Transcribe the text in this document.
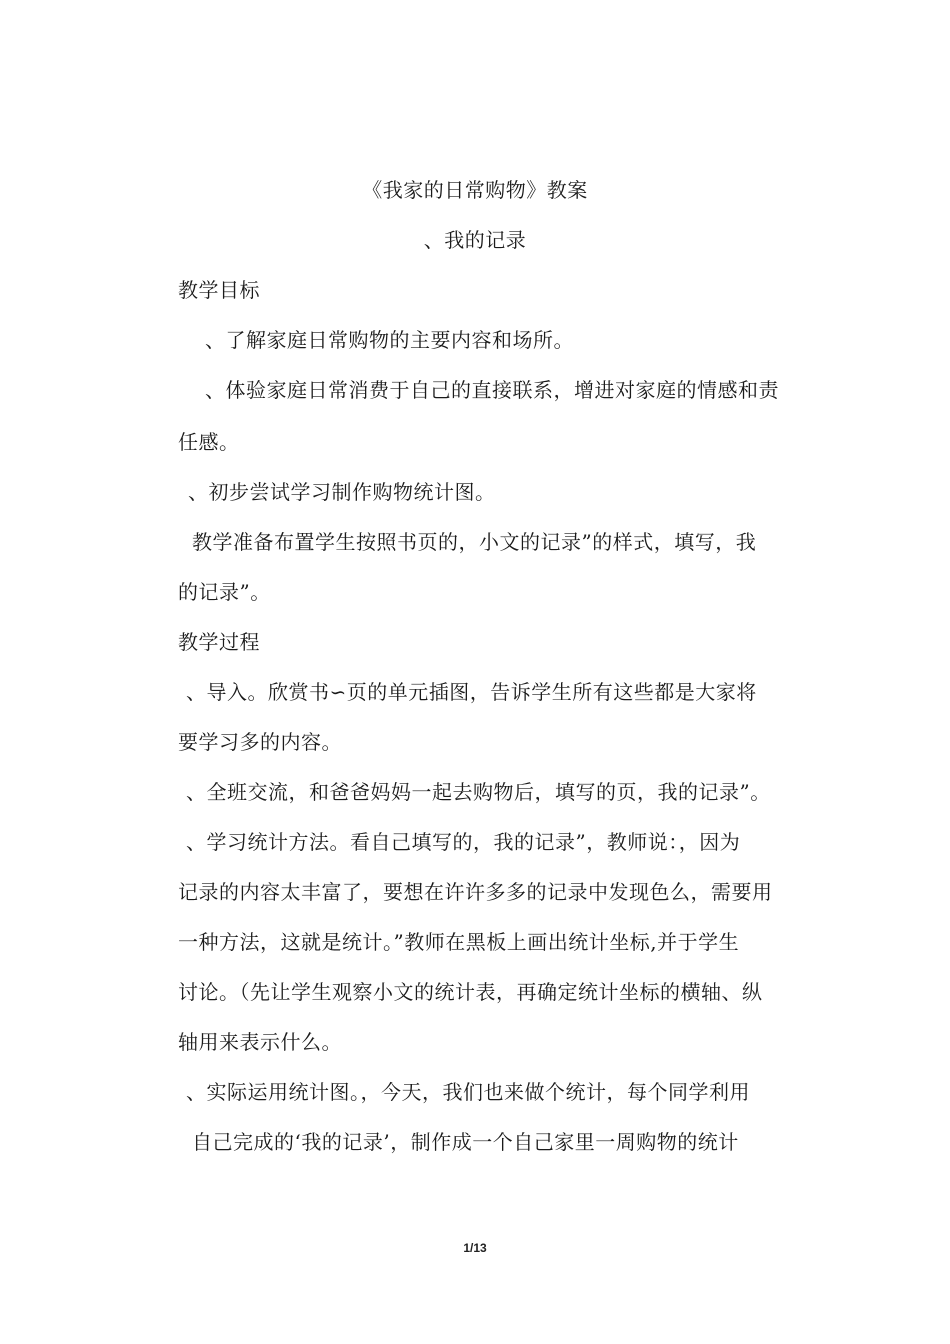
《我家的日常购物》教案
、我的记录
教学目标
、了解家庭日常购物的主要内容和场所。
、体验家庭日常消费于自己的直接联系，增进对家庭的情感和责
任感。
、初步尝试学习制作购物统计图。
教学准备布置学生按照书页的，小文的记录”的样式，填写，我
的记录”。
教学过程
、导入。欣赏书∽页的单元插图，告诉学生所有这些都是大家将
要学习多的内容。
、全班交流，和爸爸妈妈一起去购物后，填写的页，我的记录”。
、学习统计方法。看自己填写的，我的记录”，教师说：，因为
记录的内容太丰富了，要想在许许多多的记录中发现色么，需要用
一种方法，这就是统计。”教师在黑板上画出统计坐标,并于学生
讨论。（先让学生观察小文的统计表，再确定统计坐标的横轴、纵
轴用来表示什么。
、实际运用统计图。，今天，我们也来做个统计，每个同学利用
自己完成的‘我的记录’，制作成一个自己家里一周购物的统计
1/13
